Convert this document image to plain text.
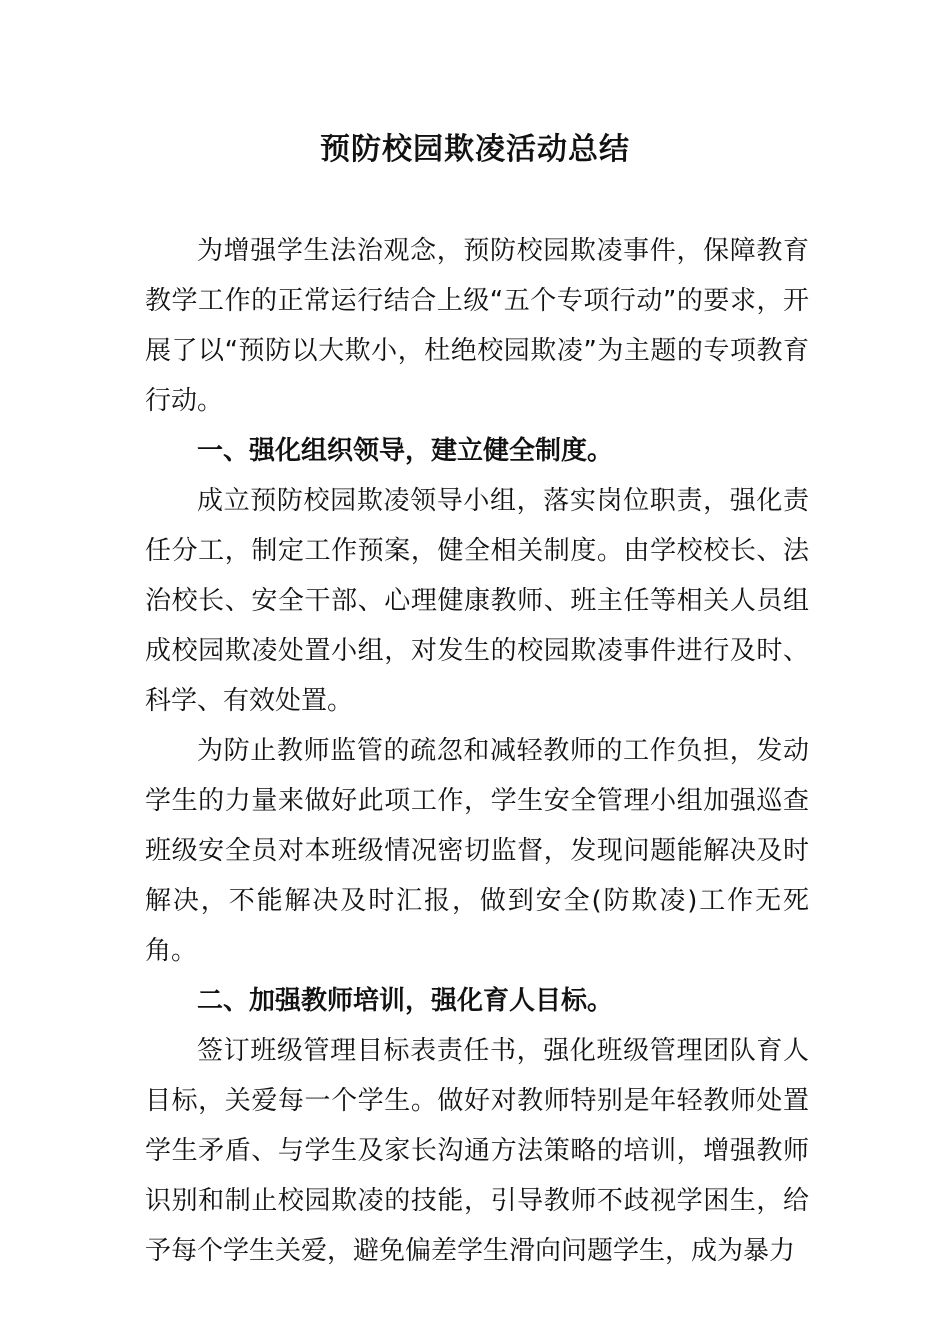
预防校园欺凌活动总结

为增强学生法治观念，预防校园欺凌事件，保障教育教学工作的正常运行结合上级“五个专项行动”的要求，开展了以“预防以大欺小，杜绝校园欺凌”为主题的专项教育行动。

一、强化组织领导，建立健全制度。

成立预防校园欺凌领导小组，落实岗位职责，强化责任分工，制定工作预案，健全相关制度。由学校校长、法治校长、安全干部、心理健康教师、班主任等相关人员组成校园欺凌处置小组，对发生的校园欺凌事件进行及时、科学、有效处置。

为防止教师监管的疏忽和减轻教师的工作负担，发动学生的力量来做好此项工作，学生安全管理小组加强巡查班级安全员对本班级情况密切监督，发现问题能解决及时解决，不能解决及时汇报，做到安全(防欺凌)工作无死角。

二、加强教师培训，强化育人目标。

签订班级管理目标表责任书，强化班级管理团队育人目标，关爱每一个学生。做好对教师特别是年轻教师处置学生矛盾、与学生及家长沟通方法策略的培训，增强教师识别和制止校园欺凌的技能，引导教师不歧视学困生，给予每个学生关爱，避免偏差学生滑向问题学生，成为暴力
